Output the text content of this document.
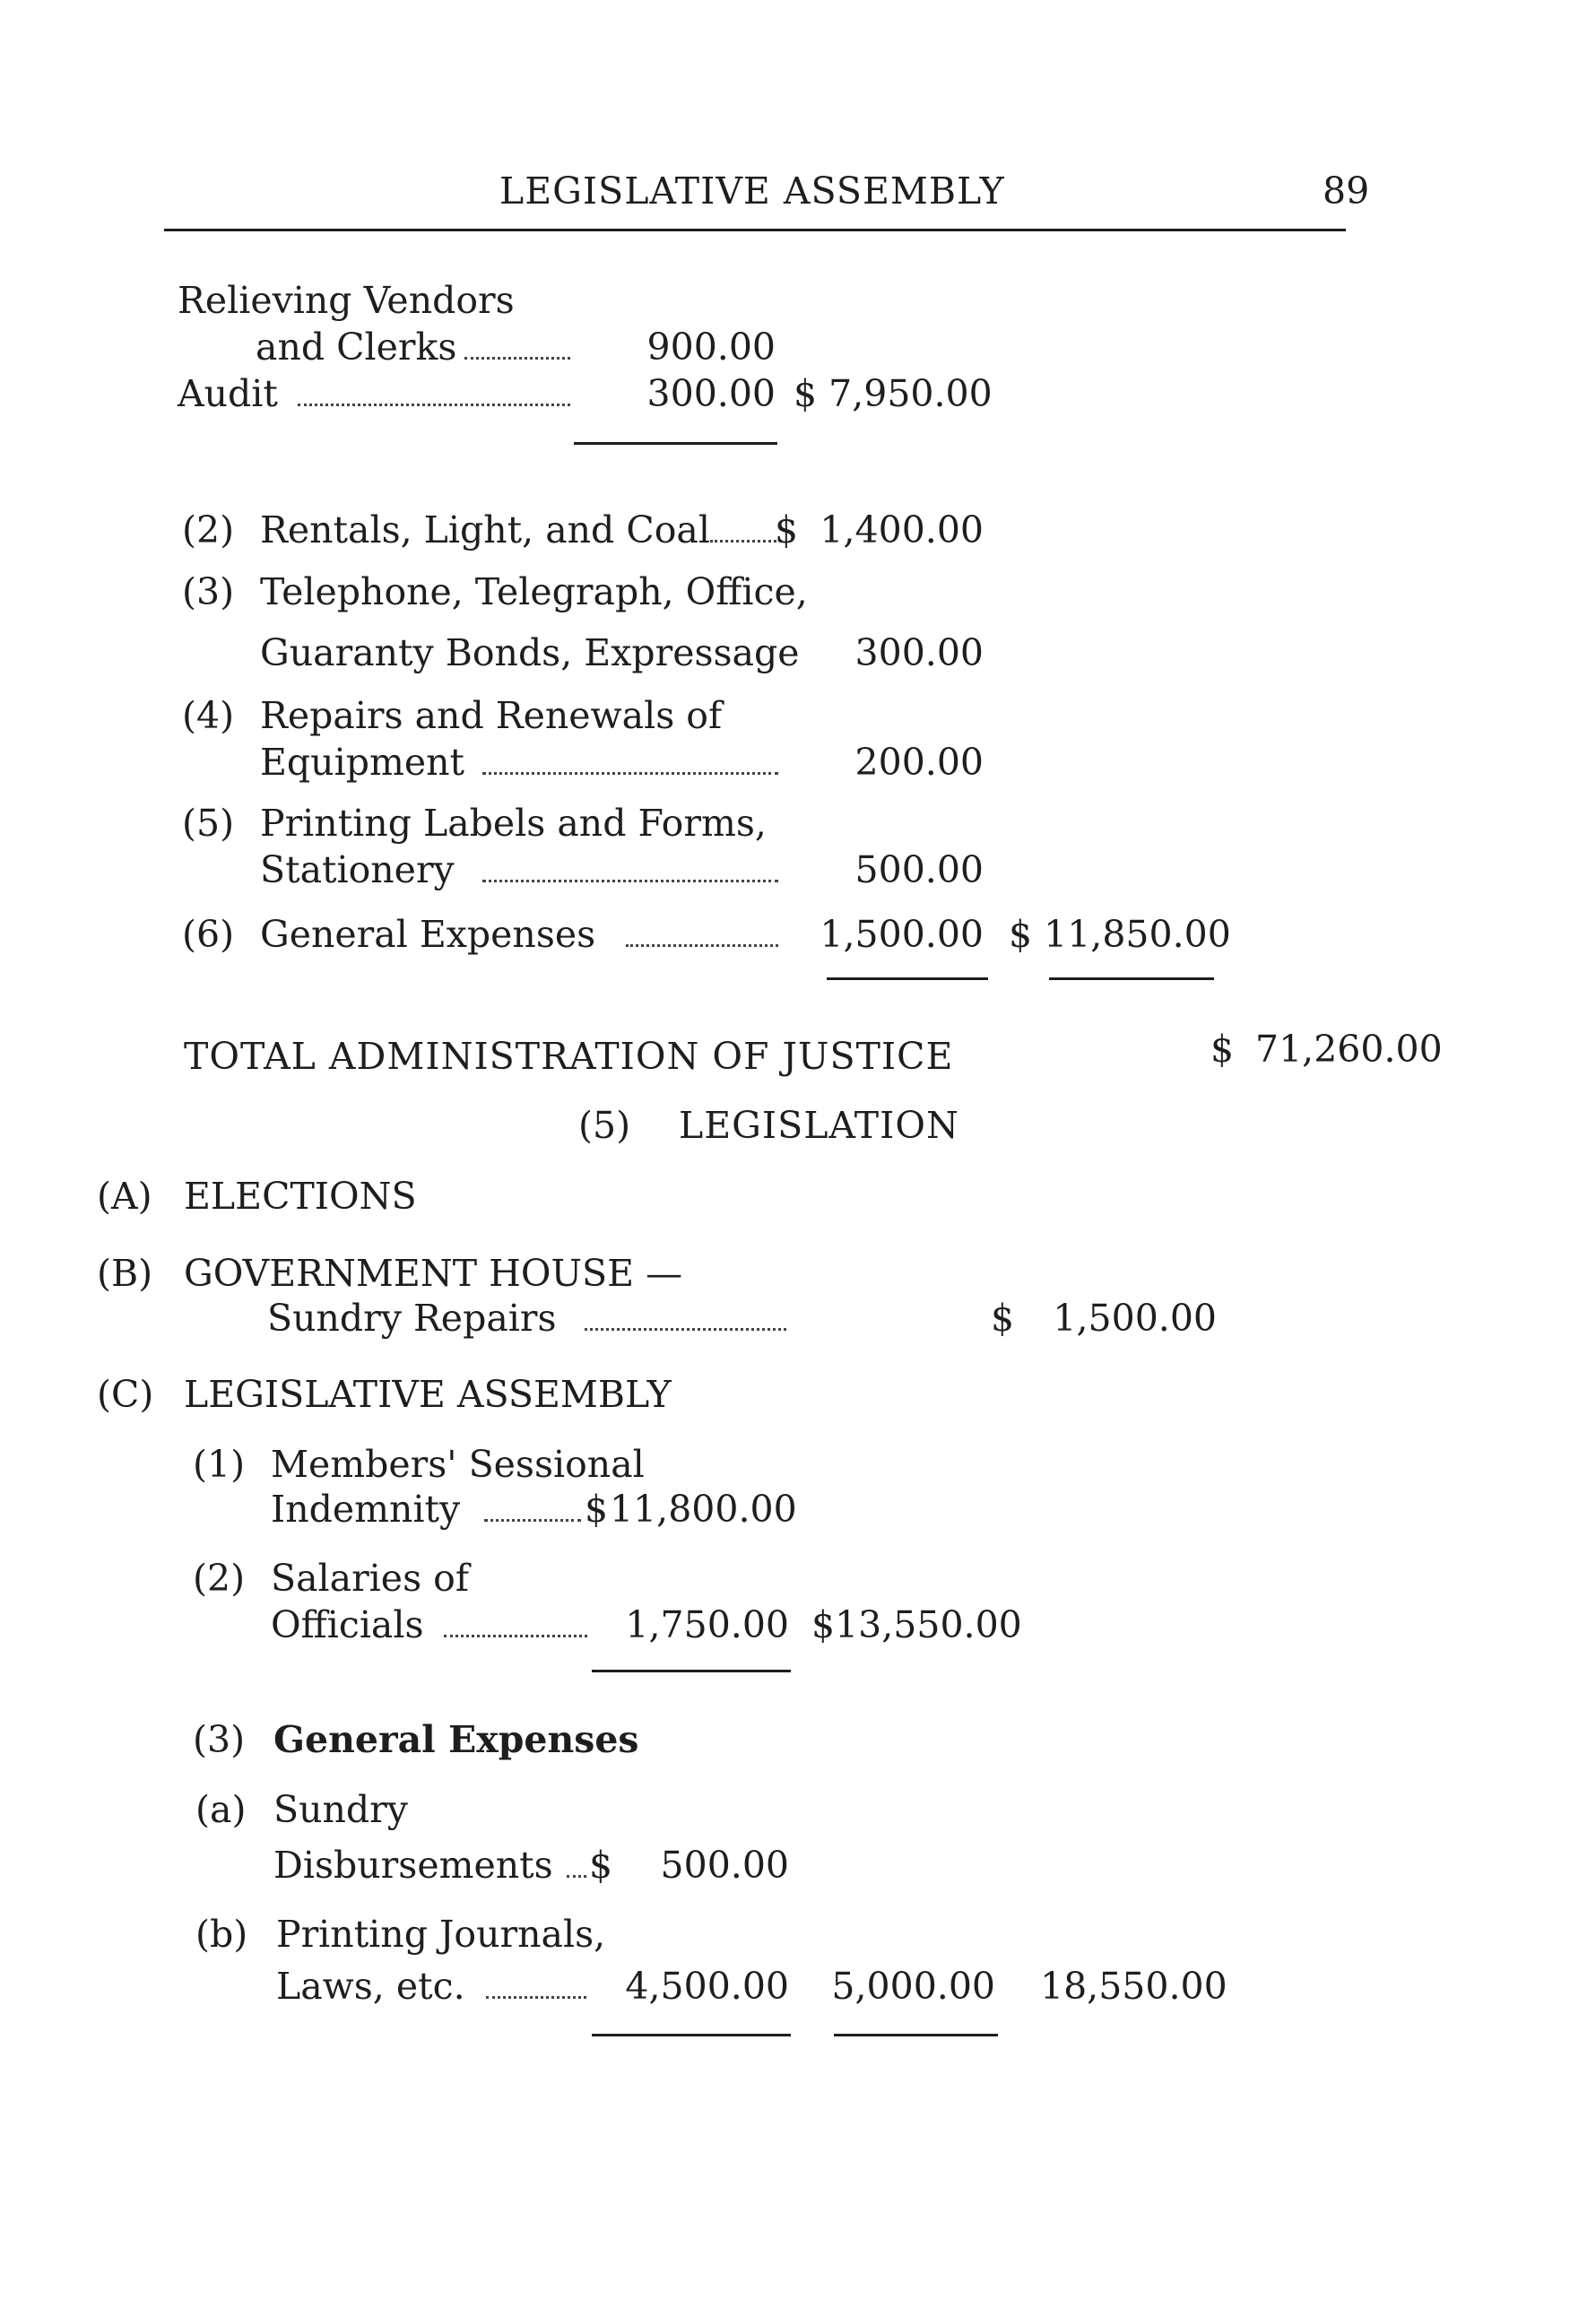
LEGISLATIVE ASSEMBLY	89
Relieving Vendors
and Clerks	900.00
Audit	300.00 $ 7,950.00
(2) Rentals, Light, and Coal $ 1,400.00
(3) Telephone, Telegraph, Office,
Guaranty Bonds, Expressage	300.00
(4) Repairs and Renewals of
Equipment	200.00
(5) Printing Labels and Forms,
Stationery	500.00
(6) General Expenses	1,500.00 $ 11,850.00
TOTAL ADMINISTRATION OF JUSTICE	$ 71,260.00
(5) LEGISLATION
(A) ELECTIONS
(B) GOVERNMENT HOUSE —
Sundry Repairs	$	1,500.00
(C) LEGISLATIVE ASSEMBLY
(1) Members' Sessional
Indemnity	$ 11,800.00
(2) Salaries of
Officials	1,750.00 $13,550.00
(3) General Expenses
(a) Sundry
Disbursements $	500.00
(b) Printing Journals,
Laws, etc.	4,500.00	5,000.00 18,550.00
